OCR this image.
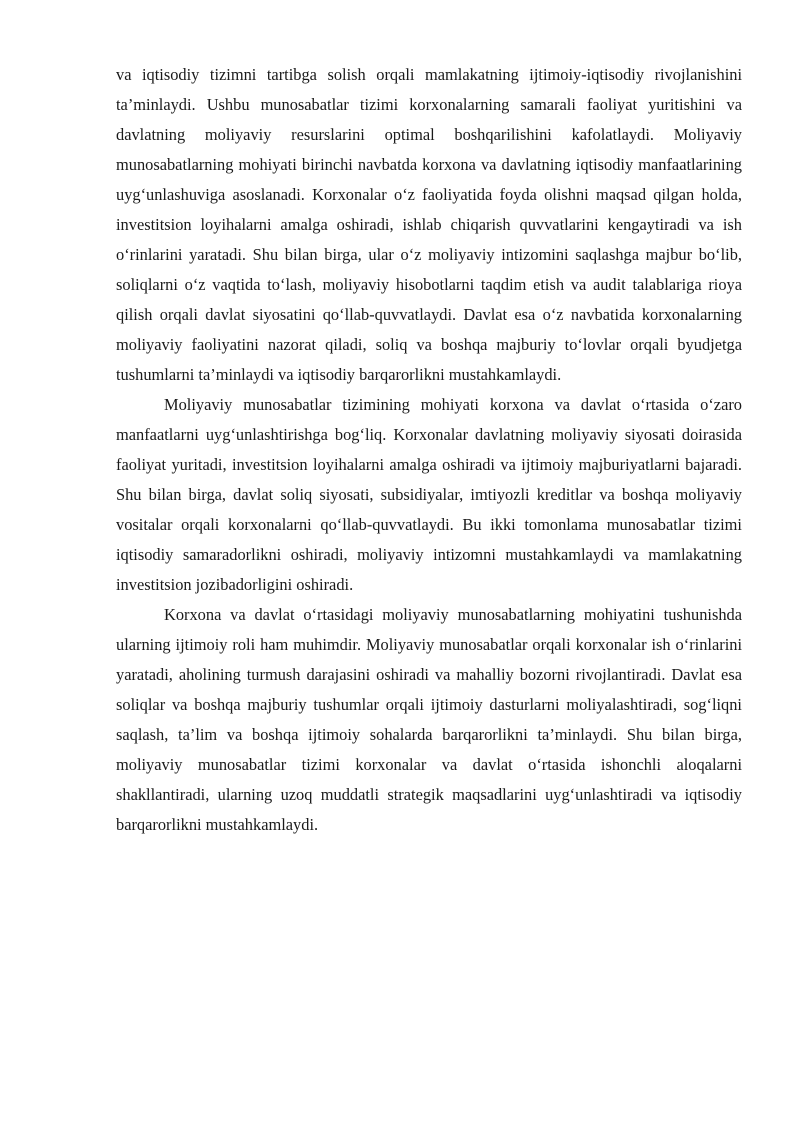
va iqtisodiy tizimni tartibga solish orqali mamlakatning ijtimoiy-iqtisodiy rivojlanishini ta’minlaydi. Ushbu munosabatlar tizimi korxonalarning samarali faoliyat yuritishini va davlatning moliyaviy resurslarini optimal boshqarilishini kafolatlaydi. Moliyaviy munosabatlarning mohiyati birinchi navbatda korxona va davlatning iqtisodiy manfaatlarining uyg‘unlashuviga asoslanadi. Korxonalar o‘z faoliyatida foyda olishni maqsad qilgan holda, investitsion loyihalarni amalga oshiradi, ishlab chiqarish quvvatlarini kengaytiradi va ish o‘rinlarini yaratadi. Shu bilan birga, ular o‘z moliyaviy intizomini saqlashga majbur bo‘lib, soliqlarni o‘z vaqtida to‘lash, moliyaviy hisobotlarni taqdim etish va audit talablariga rioya qilish orqali davlat siyosatini qo‘llab-quvvatlaydi. Davlat esa o‘z navbatida korxonalarning moliyaviy faoliyatini nazorat qiladi, soliq va boshqa majburiy to‘lovlar orqali byudjetga tushumlarni ta’minlaydi va iqtisodiy barqarorlikni mustahkamlaydi.

Moliyaviy munosabatlar tizimining mohiyati korxona va davlat o‘rtasida o‘zaro manfaatlarni uyg‘unlashtirishga bog‘liq. Korxonalar davlatning moliyaviy siyosati doirasida faoliyat yuritadi, investitsion loyihalarni amalga oshiradi va ijtimoiy majburiyatlarni bajaradi. Shu bilan birga, davlat soliq siyosati, subsidiyalar, imtiyozli kreditlar va boshqa moliyaviy vositalar orqali korxonalarni qo‘llab-quvvatlaydi. Bu ikki tomonlama munosabatlar tizimi iqtisodiy samaradorlikni oshiradi, moliyaviy intizomni mustahkamlaydi va mamlakatning investitsion jozibadorligini oshiradi.

Korxona va davlat o‘rtasidagi moliyaviy munosabatlarning mohiyatini tushunishda ularning ijtimoiy roli ham muhimdir. Moliyaviy munosabatlar orqali korxonalar ish o‘rinlarini yaratadi, aholining turmush darajasini oshiradi va mahalliy bozorni rivojlantiradi. Davlat esa soliqlar va boshqa majburiy tushumlar orqali ijtimoiy dasturlarni moliyalashtiradi, sog‘liqni saqlash, ta’lim va boshqa ijtimoiy sohalarda barqarorlikni ta’minlaydi. Shu bilan birga, moliyaviy munosabatlar tizimi korxonalar va davlat o‘rtasida ishonchli aloqalarni shakllantiradi, ularning uzoq muddatli strategik maqsadlarini uyg‘unlashtiradi va iqtisodiy barqarorlikni mustahkamlaydi.
